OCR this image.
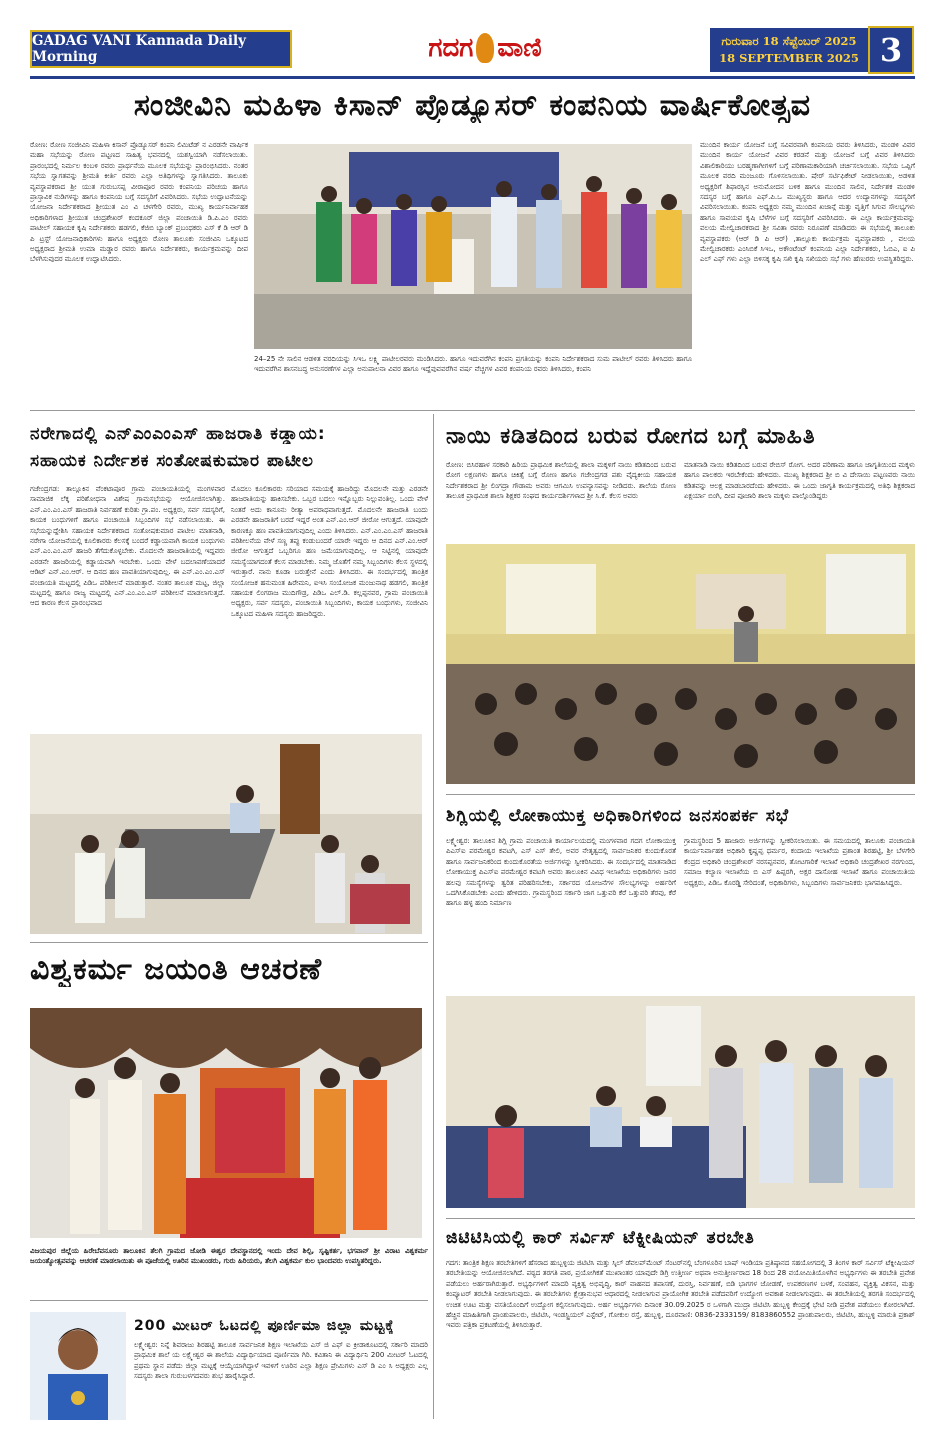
GADAG VANI Kannada Daily Morning	ಗದಗ ವಾಣಿ	ಗುರುವಾರ 18 ಸೆಪ್ಟೆಂಬರ್ 2025
18 SEPTEMBER 2025 3
ಸಂಜೀವಿನಿ ಮಹಿಳಾ ಕಿಸಾನ್ ಪ್ರೊಡ್ಯೂಸರ್ ಕಂಪನಿಯ ವಾರ್ಷಿಕೋತ್ಸವ
ರೋಣ: ರೋಣ ಸಂಜೀವಿನಿ ಮಹಿಳಾ ಕಿಸಾನ್ ಪ್ರೊಡ್ಯೂಸರ್ ಕಂಪನಿ ಲಿಮಿಟೆಡ್ ನ ಎರಡನೇ ವಾರ್ಷಿಕ ಮಹಾ ಸಭೆಯನ್ನು ರೋಣ ಪಟ್ಟಣದ ಸಾಹಿತ್ಯ ಭವನದಲ್ಲಿ ಯಶಸ್ವಿಯಾಗಿ ನಡೆಸಲಾಯಿತು. ಪ್ರಾರಂಭದಲ್ಲಿ ನಿರ್ಮಲ ಕಂಬಳಿ ರವರು ಪ್ರಾರ್ಥನೆಯ ಮೂಲಕ ಸಭೆಯನ್ನು ಪ್ರಾರಂಭಿಸಿದರು. ನಂತರ ಸಭೆಯ ಸ್ವಾಗತವನ್ನು ಶ್ರೀಮತಿ ಕೀರ್ತಿ ರವರು ಎಲ್ಲಾ ಅತಿಥಿಗಳನ್ನು ಸ್ವಾಗತಿಸಿದರು. ತಾಲೂಕು ವ್ಯವಸ್ಥಾಪಕರಾದ ಶ್ರೀ ಯುತ ಗುರುಬಸಪ್ಪ ವೀರಾಪೂರ ರವರು ಕಂಪನಿಯ ಪರಿಚಯ ಹಾಗೂ ಪ್ರಾಸ್ತಾವಿಕ ನುಡಿಗಳನ್ನು ಹಾಗೂ ಕಂಪನಿಯ ಬಗ್ಗೆ ಸದಸ್ಯರಿಗೆ ವಿವರಿಸಿದರು. ಸಭೆಯ ಉದ್ಘಾಟನೆಯನ್ನು ಯೋಜನಾ ನಿರ್ದೇಶಕರಾದ ಶ್ರೀಯುತ ಎಂ ವಿ ಚಳಗೇರಿ ರವರು, ಮುಖ್ಯ ಕಾರ್ಯನಿರ್ವಾಹಕ ಅಧಿಕಾರಿಗಳಾದ ಶ್ರೀಯುತ ಚಂದ್ರಶೇಖರ್ ಕಂದಕೂರ್ ಜಿಲ್ಲಾ ಪಂಚಾಯಿತಿ ಡಿ.ಪಿ.ಎಂ ರವರು ಪಾಟೀಲ್ ಸಹಾಯಕ ಕೃಷಿ ನಿರ್ದೇಶಕರು ಹಡಗಲಿ, ಕೆಜಿಬಿ ಬ್ಯಾಂಕ್ ಪ್ರಬಂಧಕರು ಎಸ್ ಕೆ ಡಿ ಆರ್ ಡಿ ಪಿ ಟ್ರಸ್ಟ್ ಯೋಜನಾಧಿಕಾರಿಗಳು ಹಾಗೂ ಅಧ್ಯಕ್ಷರು ರೋಣ ತಾಲೂಕು ಸಂಜೀವಿನಿ ಒಕ್ಕೂಟದ ಅಧ್ಯಕ್ಷರಾದ ಶ್ರೀಮತಿ ಉಮಾ ಮಡ್ಡಾರ ರವರು ಹಾಗೂ ನಿರ್ದೇಶಕರು, ಕಾರ್ಯಕ್ರಮವನ್ನು ದೀಪ ಬೆಳಗಿಸುವುದರ ಮೂಲಕ ಉದ್ಘಾಟಿಸಿದರು.
24–25 ನೇ ಸಾಲಿನ ಆಡಳಿತ ವರದಿಯನ್ನು ಸಿಇಒ ಲಕ್ಷ್ಮಿ ಪಾಟೀಲರವರು ಮಂಡಿಸಿದರು. ಹಾಗೂ ಇದುವರೆಗಿನ ಕಂಪನಿ ಪ್ರಗತಿಯನ್ನು ಕಂಪನಿ ನಿರ್ದೇಶಕರಾದ ಸುಮ ಪಾಟೀಲ್ ರವರು ತಿಳಿಸಿದರು ಹಾಗೂ ಇದುವರೆಗಿನ ಶಾಸನಬದ್ಧ ಅನುಸರಣೆಗಳ ಎಲ್ಲಾ ಅನುಪಾಲನಾ ವಿವರ ಹಾಗೂ ಇದ್ದೆವುವವರೆಗಿನ ವರ್ಷ ವೆಚ್ಚಗಳ ವಿವರ ಕಂಪನಿಯ ರವರು ತಿಳಿಸಿದರು, ಕಂಪನಿ
ಮುಂದಿನ ಕಾರ್ಯ ಯೋಜನೆ ಬಗ್ಗೆ ಸವಿವರವಾಗಿ ಕಂಪನಿಯ ರವರು ತಿಳಿಸಿದರು, ಮಂಡಳಿ ವಿವರ ಮುಂದಿನ ಕಾರ್ಯ ಯೋಜನೆ ವಿವರ ಕರಡನೆ ಮತ್ತು ಯೋಜನೆ ಬಗ್ಗೆ ವಿವರ ತಿಳಿಸಿದರು ವಿಶಾಲಿಕಾರಿಯು ಬರಹ್ಮಣಾಗೀಗಳಿಗೆ ಬಗ್ಗೆ ಪರಿಣಾಮಕಾರಿಯಾಗಿ ಚರ್ಚಿಸಲಾಯಿತು. ಸಭೆಯ ಒಪ್ಪಿಗೆ ಮೂಲಕ ವರದಿ ಮಂಜೂರು ಗೊಳಿಸಲಾಯಿತು. ಷೇರ್ ಸರ್ಟಿಫಿಕೇಟ್ ನೀಡಲಾಯಿತು, ಅಡಳಿತ ಅಧ್ಯಕ್ಷರಿಗೆ ಶಿಫಾರಸ್ಸಿನ ಅನುಮೋದನ ಬಳಿಕ ಹಾಗೂ ಮುಂದಿನ ಸಾಲಿನ, ನಿರ್ದೇಶಕ ಮಂಡಳಿ ಸದಸ್ಯರ ಬಗ್ಗೆ ಹಾಗೂ ಎಫ್.ಪಿ.ಒ ಮುಖ್ಯಸ್ಥರು ಹಾಗೂ ಆದರ ಉದ್ಯಾನಗಳನ್ನು ಸದಸ್ಯರಿಗೆ ವಿವರಿಸಲಾಯಿತು. ಕಂಪನಿ ಅಧ್ಯಕ್ಷರು ನಮ್ಮ ಮುಂದಿನ ಖಜಾನ್ಗೆ ಮತ್ತು ವೃತ್ತಿಗೆ ಸಿಗುವ ಸೌಲಭ್ಯಗಳು ಹಾಗೂ ಸಾವಯವ ಕೃಷಿ ಬೆಳೆಗಳ ಬಗ್ಗೆ ಸದಸ್ಯರಿಗೆ ವಿವರಿಸಿದರು. ಈ ಎಲ್ಲಾ ಕಾರ್ಯಕ್ರಮವನ್ನು ವಲಯ ಮೇಲ್ವಿಚಾರಕರಾದ ಶ್ರೀ ಸವಿತಾ ರವರು ನಿರೂಪಣೆ ಮಾಡಿದರು ಈ ಸಭೆಯಲ್ಲಿ ತಾಲೂಕು ವ್ಯವಸ್ಥಾಪಕರು (ಆರ್ ಡಿ ಪಿ ಆರ್) ,ತಾಲ್ಲೂಕು ಕಾರ್ಯಕ್ರಮ ವ್ಯವಸ್ಥಾಪಕರು , ವಲಯ ಮೇಲ್ವಿಚಾರಕರು ಎಂಸಿಬಿಕೆ ಸಿಇಒ, ಅಕೌಂಟೆಂಟ್ ಕಂಪನಿಯ ಎಲ್ಲಾ ನಿರ್ದೇಶಕರು, ಓಬಿಎ, ಐ ಪಿ ಎಲ್ ಎಫ್ ಗಳು ಎಲ್ಲಾ ಬಿಳಿಸಕ್ಕ ಕೃಷಿ ಸಖಿ ಕೃಷಿ ಸಖಿಯರು ಸಭೆ ಗಳು ಹೆಣುರರು ಉಪಸ್ಥಿತರಿದ್ದರು.
ನರೇಗಾದಲ್ಲಿ ಎನ್‌ಎಂಎಂಎಸ್ ಹಾಜರಾತಿ ಕಡ್ಡಾಯ:
ಸಹಾಯಕ ನಿರ್ದೇಶಕ ಸಂತೋಷಕುಮಾರ ಪಾಟೀಲ
ಗಜೇಂದ್ರಗಡ: ತಾಲ್ಲೂಕಿನ ವೆಂಕಟಾಪೂರ ಗ್ರಾಮ ಪಂಚಾಯತಿಯಲ್ಲಿ ಮಂಗಳವಾರ ಸಾಮಾಜಿಕ ಲೆಕ್ಕ ಪರಿಶೋಧನಾ ವಿಶೇಷ ಗ್ರಾಮಸಭೆಯನ್ನು ಆಯೋಜಿಸಲಾಗಿತ್ತು. ಎನ್.ಎಂ.ಎಂ.ಎಸ್ ಹಾಜರಾತಿ ನಿರ್ವಹಣೆ ಕುರಿತು ಗ್ರಾ.ಪಂ. ಅಧ್ಯಕ್ಷರು, ಸರ್ವ ಸದಸ್ಯರಿಗೆ, ಕಾಯಕ ಬಂಧುಗಳಿಗೆ ಹಾಗೂ ಪಂಚಾಯಿತಿ ಸಿಬ್ಬಂದಿಗಳ ಸಭೆ ನಡೆಸಲಾಯಿತು. ಈ ಸಭೆಯನ್ನುದ್ದೇಶಿಸಿ ಸಹಾಯಕ ನಿರ್ದೇಶಕರಾದ ಸಂತೋಷಕುಮಾರ ಪಾಟೀಲ ಮಾತನಾಡಿ, ನರೇಗಾ ಯೋಜನೆಯಲ್ಲಿ ಕೂಲಿಕಾರರು ಕೆಲಸಕ್ಕೆ ಬಂದರೆ ಕಡ್ಡಾಯವಾಗಿ ಕಾಯಕ ಬಂಧುಗಳು ಎನ್.ಎಂ.ಎಂ.ಎಸ್ ಹಾಜರಿ ತೆಗೆದುಕೊಳ್ಳಬೇಕು. ಮೊದಲನೇ ಹಾಜರಾತಿಯಲ್ಲಿ ಇದ್ದವರು ಎರಡನೇ ಹಾಜರಿಯಲ್ಲಿ ಕಡ್ಡಾಯವಾಗಿ ಇರಬೇಕು. ಒಂದು ವೇಳೆ ಬದಲಾವಣೆಯಾದರೆ ಆಡಿಟ್ ಎನ್.ಎಂ.ಆರ್. ಆ ದಿನದ ಹಣ ಪಾವತಿಯಾಗುವುದಿಲ್ಲ. ಈ ಎನ್.ಎಂ.ಎಂ.ಎಸ್ ಪಂಚಾಯತಿ ಮಟ್ಟದಲ್ಲಿ ಪಿಡಿಒ ಪರಿಶೀಲನೆ ಮಾಡುತ್ತಾರೆ. ನಂತರ ತಾಲೂಕ ಮಟ್ಟ, ಜಿಲ್ಲಾ ಮಟ್ಟದಲ್ಲಿ ಹಾಗೂ ರಾಜ್ಯ ಮಟ್ಟದಲ್ಲಿ ಎನ್.ಎಂ.ಎಂ.ಎಸ್ ಪರಿಶೀಲನೆ ಮಾಡಲಾಗುತ್ತದೆ. ಆದ ಕಾರಣ ಕೆಲಸ ಪ್ರಾರಂಭವಾದ
ಮೊದಲು ಕೂಲಿಕಾರರು ಸರಿಯಾದ ಸಮಯಕ್ಕೆ ಹಾಜರಿದ್ದು ಮೊದಲನೇ ಮತ್ತು ಎರಡನೇ ಹಾಜರಾತಿಯನ್ನು ಹಾಕಿಸಬೇಕು. ಒಬ್ಬರ ಬದಲು ಇನ್ನೊಬ್ಬರು ನಿಲ್ಲುವಂತಿಲ್ಲ. ಒಂದು ವೇಳೆ ನಿಂತರೆ ಅದು ಕಾನೂನು ರೀತ್ಯಾ ಅಪರಾಧವಾಗುತ್ತದೆ. ಮೊದಲನೇ ಹಾಜರಾತಿ ಬಂದು ಎರಡನೇ ಹಾಜರಾತಿಗೆ ಬರದೆ ಇದ್ದರೆ ಅಂತ ಎನ್.ಎಂ.ಆರ್ ಜೀರೋ ಆಗುತ್ತದೆ. ಯಾವುದೇ ಕಾರಣಕ್ಕೂ ಹಣ ಪಾವತಿಯಾಗುವುದಿಲ್ಲ ಎಂದು ತಿಳಿಸಿದರು. ಎನ್.ಎಂ.ಎಂ.ಎಸ್ ಹಾಜರಾತಿ ಪರಿಶೀಲನೆಯ ವೇಳೆ ಸಣ್ಣ ತಪ್ಪು ಕಂಡುಬಂದರೆ ಯಾರೇ ಇದ್ದರು ಆ ದಿನದ ಎನ್.ಎಂ.ಆರ್ ಜೀರೋ ಆಗುತ್ತದೆ ಒಬ್ಬರಿಗೂ ಹಣ ಜಮೆಯಾಗುವುದಿಲ್ಲ. ಆ ನಿಟ್ಟಿನಲ್ಲಿ ಯಾವುದೇ ಸಮಸ್ಯೆಯಾಗದಂತೆ ಕೆಲಸ ಮಾಡಬೇಕು. ನಿಮ್ಮ ಜೊತೆಗೆ ನಮ್ಮ ಸಿಬ್ಬಂದಿಗಳು ಕೆಲಸ ಸ್ಥಳದಲ್ಲಿ ಇರುತ್ತಾರೆ. ನಾನು ಕೂಡಾ ಬರುತ್ತೇನೆ ಎಂದು ತಿಳಿಸಿದರು. ಈ ಸಂದರ್ಭದಲ್ಲಿ ತಾಂತ್ರಿಕ ಸಂಯೋಜಕ ಹನುಮಂತ ಹಿರೇಮನಿ, ಐಇಸಿ ಸಂಯೋಜಕ ಮಂಜುನಾಥ ಹಡಗಲಿ, ತಾಂತ್ರಿಕ ಸಹಾಯಕ ಲಿಂಗರಾಜ ಮುದಿಗೌಡ್ರ, ಪಿಡಿಒ ಎಲ್.ಡಿ. ಕಲ್ಲಪ್ಪನವರ, ಗ್ರಾಮ ಪಂಚಾಯಿತಿ ಅಧ್ಯಕ್ಷರು, ಸರ್ವ ಸದಸ್ಯರು, ಪಂಚಾಯಿತಿ ಸಿಬ್ಬಂದಿಗಳು, ಕಾಯಕ ಬಂಧುಗಳು, ಸಂಜೀವಿನಿ ಒಕ್ಕೂಟದ ಮಹಿಳಾ ಸದಸ್ಯರು ಹಾಜರಿದ್ದರು.
ವಿಶ್ವಕರ್ಮ ಜಯಂತಿ ಆಚರಣೆ
ವಿಜಯಪುರ ಜಿಲ್ಲೆಯ ಹಿರೇಬೆವನೂರು ತಾಲೂಕಿನ ತೆಲಗಿ ಗ್ರಾಮದ ಜೋಡಿ ಈಶ್ವರ ದೇವಸ್ಥಾನದಲ್ಲಿ ಇಂದು ದೇವ ಶಿಲ್ಪಿ, ಸೃಷ್ಟಿಕರ್ತ, ಭಗವಾನ್ ಶ್ರೀ ವಿರಾಟ ವಿಶ್ವಕರ್ಮ ಜಯಂತ್ಯೋತ್ಸವವನ್ನು ಆಚರಣೆ ಮಾಡಲಾಯಿತು ಈ ಪೂಜೆಯಲ್ಲಿ ಊರಿನ ಮುಖಂಡರು, ಗುರು ಹಿರಿಯರು, ತೆಲಗಿ ವಿಶ್ವಕರ್ಮ ಕುಲ ಭಾಂದವರು ಉಪಸ್ಥಿತರಿದ್ದರು.
200 ಮೀಟರ್ ಓಟದಲ್ಲಿ ಪೂರ್ಣಿಮಾ ಜಿಲ್ಲಾ ಮಟ್ಟಕ್ಕೆ
ಲಕ್ಷ್ಮೇಶ್ವರ: ನಿನ್ನೆ ಶಿವರಾಜು ಶಿರಹಟ್ಟಿ ತಾಲೂಕ ಸಾರ್ವಜನಿಕ ಶಿಕ್ಷಣ ಇಲಾಖೆಯ ಎಸ್ ಜಿ ಎಫ್ ಐ ಕ್ರೀಡಾಕೂಟದಲ್ಲಿ ಸರ್ಕಾರಿ ಮಾದರಿ ಪ್ರಾಥಮಿಕ ಶಾಲೆ ಯ ಲಕ್ಷ್ಮೇಶ್ವರ ಈ ಶಾಲೆಯ ವಿದ್ಯಾರ್ಥಿಯಾದ ಪೂರ್ಣಿಮಾ ಗಿರಿ. ಕವಿತಾನಿ ಈ ವಿದ್ಯಾರ್ಥಿನಿ 200 ಮೀಟರ್ ಓಟದಲ್ಲಿ ಪ್ರಥಮ ಸ್ಥಾನ ಪಡೆದು ಜಿಲ್ಲಾ ಮಟ್ಟಕ್ಕೆ ಆಯ್ಕೆಯಾಗಿದ್ದಾಳೆ ಇವಳಿಗೆ ಊರಿನ ಎಲ್ಲಾ ಶಿಕ್ಷಣ ಪ್ರೇಮಿಗಳು ಎಸ್ ಡಿ ಎಂ ಸಿ ಅಧ್ಯಕ್ಷರು ಎಲ್ಲ ಸದಸ್ಯರು ಶಾಲಾ ಗುರುಬಳಗದವರು ಶುಭ ಹಾರೈಸಿದ್ದಾರೆ.
ನಾಯಿ ಕಡಿತದಿಂದ ಬರುವ ರೋಗದ ಬಗ್ಗೆ ಮಾಹಿತಿ
ರೋಣ: ಬಿಸಿರಹಾಳ ಸರಕಾರಿ ಹಿರಿಯ ಪ್ರಾಥಮಿಕ ಶಾಲೆಯಲ್ಲಿ ಶಾಲಾ ಮಕ್ಕಳಿಗೆ ನಾಯಿ ಕಡಿತದಿಂದ ಬರುವ ರೋಗ ಲಕ್ಷಣಗಳು ಹಾಗೂ ಚಿಕಿತ್ಸೆ ಬಗ್ಗೆ ರೋಣ ಹಾಗೂ ಗಜೇಂದ್ರಗಡ ಪಶು ವೈದ್ಯಕೀಯ ಸಹಾಯಕ ನಿರ್ದೇಶಕರಾದ ಶ್ರೀ ಲಿಂಗದ್ರಾ ಗೌಡಾಮ ಅವರು ಆಗಮಿಸಿ ಉಪನ್ಯಾಸವನ್ನು ನೀಡಿದರು. ಶಾಲೆಯ ರೋಣ ತಾಲೂಕ ಪ್ರಾಥಮಿಕ ಶಾಲಾ ಶಿಕ್ಷಕರ ಸಂಘದ ಕಾರ್ಯದರ್ಶಿಗಳಾದ ಶ್ರೀ ಸಿ.ಕೆ. ಕೆಲಸ ಅವರು
ಮಾತನಾಡಿ ನಾಯಿ ಕಡಿತದಿಂದ ಬರುವ ರೇಬಿಸ್ ರೋಗ. ಅದರ ಪರಿಣಾಮ ಹಾಗೂ ಜಾಗೃತಿಯಿಂದ ಮಕ್ಕಳು ಹಾಗೂ ಪಾಲಕರು ಇರಬೇಕೆಂದು ಹೇಳಿದರು. ಮುಖ್ಯ ಶಿಕ್ಷಕರಾದ ಶ್ರೀ ಬಿ ವಿ ದೇಸಾಯಿ ಪಟ್ಟಣವರು ನಾಯಿ ಕಡಿತವನ್ನು ಆಲಕ್ಷ ಮಾಡಬಾರದೆಂದು ಹೇಳಿದರು. ಈ ಒಂದು ಜಾಗೃತಿ ಕಾರ್ಯಕ್ರಮದಲ್ಲಿ ಅತಿಥಿ ಶಿಕ್ಷಕರಾದ ಏಕ್ಷರ್ಯಾ ಬಿಂಗಿ, ದೀಪ ಪೂಜಾರಿ ಶಾಲಾ ಮಕ್ಕಳು ಪಾಲ್ಗೊಂಡಿದ್ದರು
ಶಿಗ್ಲಿಯಲ್ಲಿ ಲೋಕಾಯುಕ್ತ ಅಧಿಕಾರಿಗಳಿಂದ ಜನಸಂಪರ್ಕ ಸಭೆ
ಲಕ್ಷ್ಮೇಶ್ವರ: ತಾಲೂಕಿನ ಶಿಗ್ಲಿ ಗ್ರಾಮ ಪಂಚಾಯಿತಿ ಕಾರ್ಯಾಲಯದಲ್ಲಿ ಮಂಗಳವಾರ ಗದಗ ಲೋಕಾಯುಕ್ತ ಪಿಎಸ್ಐ ಪರಮೇಶ್ವರ ಕವಟಗಿ, ಎಸ್ ಎಸ್ ತೇಲಿ, ಅವರ ನೇತೃತ್ವದಲ್ಲಿ ಸಾರ್ವಜನಿಕರ ಕುಂದುಕೊರತೆ ಹಾಗೂ ಸಾರ್ವಜನಿಕರಿಂದ ಕುಂದುಕೊರತೆಯ ಅರ್ಜಿಗಳನ್ನು ಸ್ವೀಕರಿಸಿದರು. ಈ ಸಂದರ್ಭದಲ್ಲಿ ಮಾತನಾಡಿದ ಲೋಕಾಯುಕ್ತ ಪಿಎಸ್ಐ ಪರಮೇಶ್ವರ ಕವಟಗಿ ಅವರು ತಾಲೂಕಿನ ವಿವಿಧ ಇಲಾಖೆಯ ಅಧಿಕಾರಿಗಳು ಜನರ ಹಲವು ಸಮಸ್ಯೆಗಳನ್ನು ತ್ವರಿತ ಪರಿಹರಿಸಬೇಕು, ಸರ್ಕಾರದ ಯೋಜನೆಗಳ ಸೌಲಭ್ಯಗಳನ್ನು ಅರ್ಹರಿಗೆ ಒದಗಿಸಿಕೊಡಬೇಕು ಎಂದು ಹೇಳಿದರು. ಗ್ರಾಮಸ್ಥರಿಂದ ಸರ್ಕಾರಿ ಜಾಗ ಒತ್ತುವರಿ ಕೆರೆ ಒತ್ತುವರಿ ತೆರವು, ಕೆರೆ ಹಾಗೂ ಹಳ್ಳ ಹಂದಿ ನಿರ್ಮಾಣ
ಗ್ರಾಮಸ್ಥರಿಂದ 5 ಹಾಜಾರು ಅರ್ಜಿಗಳನ್ನು ಸ್ವೀಕರಿಸಲಾಯಿತು. ಈ ಸಮಯದಲ್ಲಿ ತಾಲೂಕು ಪಂಚಾಯತಿ ಕಾರ್ಯನಿರ್ವಾಹಕ ಅಧಿಕಾರಿ ಕೃಷ್ಣಪ್ಪ ಧರ್ಮರ, ಕಂದಾಯ ಇಲಾಖೆಯ ಪ್ರಶಾಂತ ಶಿರಹಟ್ಟಿ, ಶ್ರೀ ಬೆಳಗೇರಿ ಕೆಂದ್ರದ ಅಧಿಕಾರಿ ಚಂದ್ರಶೇಖರ್ ನರಸಪ್ಪನವರ, ತೋಟಗಾರಿಕೆ ಇಲಾಖೆ ಅಧಿಕಾರಿ ಚಂದ್ರಶೇಖರ ನರಗುಂದ, ಸಮಾಜ ಕಲ್ಯಾಣ ಇಲಾಖೆಯ ಬಿ ಎಸ್ ಹಿಪ್ಪರಗಿ, ಅಕ್ಷರ ದಾಸೋಹ ಇಲಾಖೆ ಹಾಗೂ ಪಂಚಾಯಿತಿಯ ಅಧ್ಯಕ್ಷರು, ಪಿಡಿಒ ಕೊರಡ್ಡಿ ಸೇರಿದಂತೆ, ಅಧಿಕಾರಿಗಳು, ಸಿಬ್ಬಂದಿಗಳು ಸಾರ್ವಜನಿಕರು ಭಾಗವಹಿಸಿದ್ದರು.
ಜಿಟಿಟಿಸಿಯಲ್ಲಿ ಕಾರ್ ಸರ್ವಿಸ್ ಟೆಕ್ನೀಷಿಯನ್ ತರಬೇತಿ
ಗದಗ: ತಾಂತ್ರಿಕ ಶಿಕ್ಷಣ ತರಬೇತಿಗಳಿಗೆ ಹೆಸರಾದ ಹುಬ್ಬಳ್ಳಿಯ ಜಿಟಿಟಿಸಿ ಮತ್ತು ಸ್ಕಿಲ್ ಡೆವಲಪ್‌ಮೆಂಟ್ ಸೆಂಟರ್‌ನಲ್ಲಿ ಬೆಂಗಳೂರಿನ ಬಾಷ್ ಇಂಡಿಯಾ ಪ್ರತಿಷ್ಠಾನದ ಸಹಯೋಗದಲ್ಲಿ 3 ತಿಂಗಳ ಕಾರ್ ಸರ್ವಿಸ್ ಟೆಕ್ನೀಷಿಯನ್ ತರಬೇತಿಯನ್ನು ಆಯೋಜಿಸಲಾಗಿದೆ. ಪಠ್ಯದ ತರಗತಿ ಪಾಠ, ಪ್ರಯೋಗಿಕತೆ ಮುಖಾಂತರ ಯಾವುದೇ ಡಿಗ್ರಿ ಉತ್ತೀರ್ಣ ಅಥವಾ ಅನುತ್ತೀರ್ಣರಾದ 18 ರಿಂದ 28 ವಯೋಮಿತಿಯೊಳಗಿನ ಅಭ್ಯರ್ಥಿಗಳು ಈ ತರಬೇತಿ ಪ್ರವೇಶ ಪಡೆಯಲು ಅರ್ಹರಾಗಿರುತ್ತಾರೆ. ಅಭ್ಯರ್ಥಿಗಳಿಗೆ ಮಾದರಿ ವ್ಯಕ್ತಿತ್ವ ಅಭಿವೃದ್ಧಿ, ಕಾರ್ ವಾಹನದ ತಪಾಸಣೆ, ದುರಸ್ತಿ, ನಿರ್ವಹಣೆ, ಬಿಡಿ ಭಾಗಗಳ ಜೋಡಣೆ, ಉಪಕರಣಗಳ ಬಳಕೆ, ಸಂವಹನ, ವ್ಯಕ್ತಿತ್ವ ವಿಕಸನ, ಮತ್ತು ಕಂಪ್ಯೂಟರ್ ತರಬೇತಿ ನೀಡಲಾಗುವುದು. ಈ ತರಬೇತಿಗಳು ಕ್ಷೇತ್ರಾನುಭವ ಆಧಾರದಲ್ಲಿ ನೀಡಲಾಗುವ ಪ್ರಾಯೋಗಿಕ ತರಬೇತಿ ಪಡೆದವರಿಗೆ ಉದ್ಯೋಗ ಅವಕಾಶ ನೀಡಲಾಗುವುದು. ಈ ತರಬೇತಿಯಲ್ಲಿ ತರಗತಿ ಸಂದರ್ಭದಲ್ಲಿ ಉಚಿತ ಊಟ ಮತ್ತು ವಸತಿಯೊಂದಿಗೆ ಉದ್ಯೋಗ ಕಲ್ಪಿಸಲಾಗುವುದು. ಅರ್ಹ ಅಭ್ಯರ್ಥಿಗಳು ದಿನಾಂಕ 30.09.2025 ರ ಒಳಗಾಗಿ ಮುದ್ರಾ ಜಿಟಿಟಿಸಿ ಹುಬ್ಬಳ್ಳಿ ಕೇಂದ್ರಕ್ಕೆ ಭೇಟಿ ನೀಡಿ ಪ್ರವೇಶ ಪಡೆಯಲು ಕೋರಲಾಗಿದೆ. ಹೆಚ್ಚಿನ ಮಾಹಿತಿಗಾಗಿ ಪ್ರಾಂಶುಪಾಲರು, ಜಿಟಿಟಿಸಿ, ಇಂಡಸ್ಟ್ರಿಯಲ್ ಎಸ್ಟೇಟ್, ಗೋಕುಲ ರಸ್ತೆ, ಹುಬ್ಬಳ್ಳಿ, ದೂರವಾಣಿ: 0836-2333159/ 8183860552 ಪ್ರಾಂಶುಪಾಲರು, ಜಿಟಿಟಿಸಿ, ಹುಬ್ಬಳ್ಳಿ ಮಾರುತಿ ಪ್ರಕಾಶ್ ಇವರು ಪತ್ರಿಕಾ ಪ್ರಕಟಣೆಯಲ್ಲಿ ತಿಳಿಸಿರುತ್ತಾರೆ.
